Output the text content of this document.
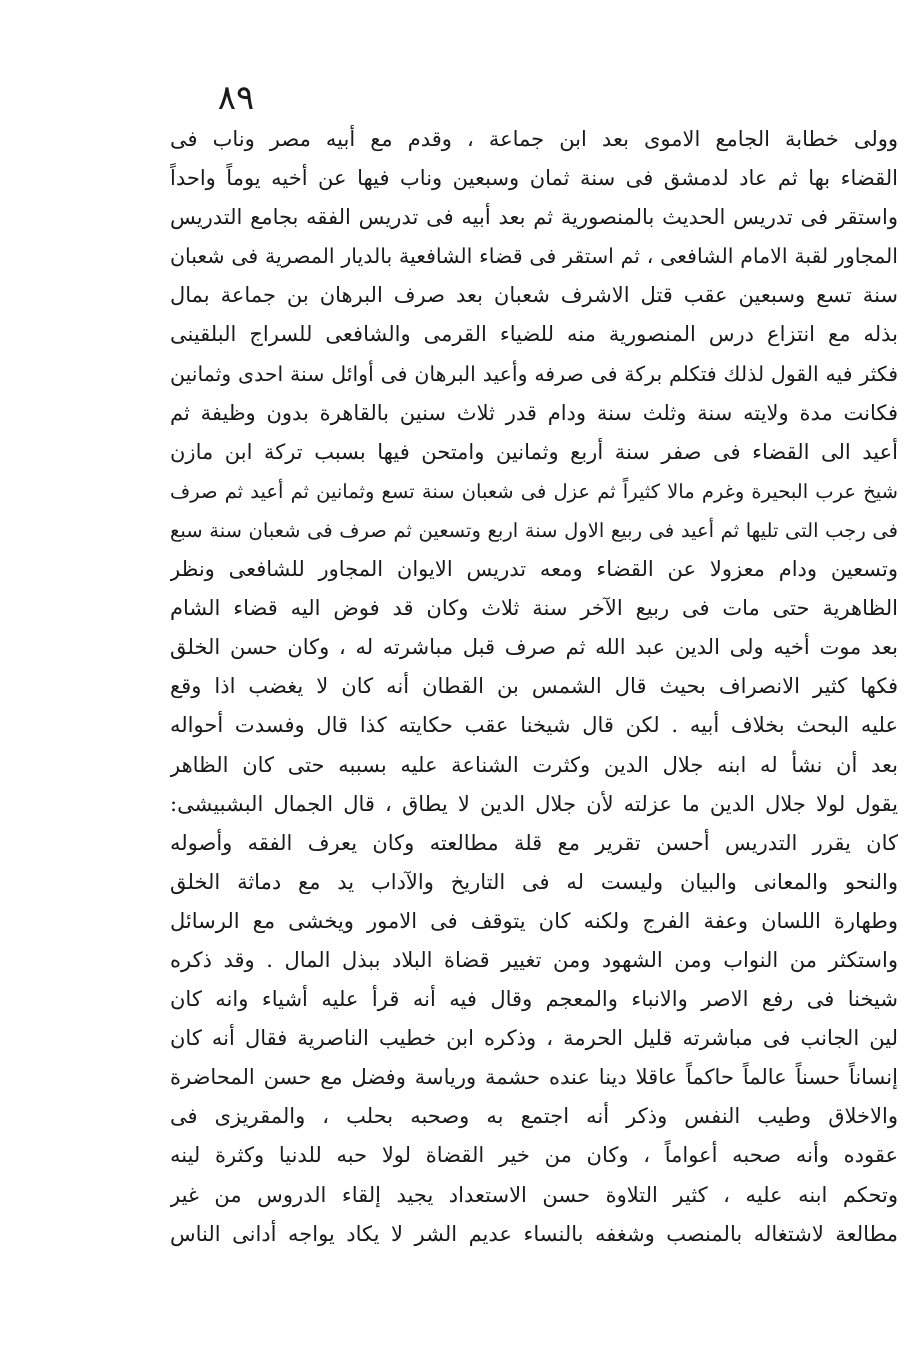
٨٩
وولى خطابة الجامع الاموى بعد ابن جماعة ، وقدم مع أبيه مصر وناب فى
القضاء بها ثم عاد لدمشق فى سنة ثمان وسبعين وناب فيها عن أخيه يوماً واحداً
واستقر فى تدريس الحديث بالمنصورية ثم بعد أبيه فى تدريس الفقه بجامع التدريس
المجاور لقبة الامام الشافعى ، ثم استقر فى قضاء الشافعية بالديار المصرية فى شعبان
سنة تسع وسبعين عقب قتل الاشرف شعبان بعد صرف البرهان بن جماعة بمال
بذله مع انتزاع درس المنصورية منه للضياء القرمى والشافعى للسراج البلقينى
فكثر فيه القول لذلك فتكلم بركة فى صرفه وأعيد البرهان فى أوائل سنة احدى وثمانين
فكانت مدة ولايته سنة وثلث سنة ودام قدر ثلاث سنين بالقاهرة بدون وظيفة ثم
أعيد الى القضاء فى صفر سنة أربع وثمانين وامتحن فيها بسبب تركة ابن مازن
شيخ عرب البحيرة وغرم مالا كثيراً ثم عزل فى شعبان سنة تسع وثمانين ثم أعيد ثم صرف
فى رجب التى تليها ثم أعيد فى ربيع الاول سنة اربع وتسعين ثم صرف فى شعبان سنة سبع
وتسعين ودام معزولا عن القضاء ومعه تدريس الايوان المجاور للشافعى ونظر
الظاهرية حتى مات فى ربيع الآخر سنة ثلاث وكان قد فوض اليه قضاء الشام
بعد موت أخيه ولى الدين عبد الله ثم صرف قبل مباشرته له ، وكان حسن الخلق
فكها كثير الانصراف بحيث قال الشمس بن القطان أنه كان لا يغضب اذا وقع
عليه البحث بخلاف أبيه . لكن قال شيخنا عقب حكايته كذا قال وفسدت أحواله
بعد أن نشأ له ابنه جلال الدين وكثرت الشناعة عليه بسببه حتى كان الظاهر
يقول لولا جلال الدين ما عزلته لأن جلال الدين لا يطاق ، قال الجمال البشبيشى:
كان يقرر التدريس أحسن تقرير مع قلة مطالعته وكان يعرف الفقه وأصوله
والنحو والمعانى والبيان وليست له فى التاريخ والآداب يد مع دماثة الخلق
وطهارة اللسان وعفة الفرج ولكنه كان يتوقف فى الامور ويخشى مع الرسائل
واستكثر من النواب ومن الشهود ومن تغيير قضاة البلاد ببذل المال . وقد ذكره
شيخنا فى رفع الاصر والانباء والمعجم وقال فيه أنه قرأ عليه أشياء وانه كان
لين الجانب فى مباشرته قليل الحرمة ، وذكره ابن خطيب الناصرية فقال أنه كان
إنساناً حسناً عالماً حاكماً عاقلا دينا عنده حشمة ورياسة وفضل مع حسن المحاضرة
والاخلاق وطيب النفس وذكر أنه اجتمع به وصحبه بحلب ، والمقريزى فى
عقوده وأنه صحبه أعواماً ، وكان من خير القضاة لولا حبه للدنيا وكثرة لينه
وتحكم ابنه عليه ، كثير التلاوة حسن الاستعداد يجيد إلقاء الدروس من غير
مطالعة لاشتغاله بالمنصب وشغفه بالنساء عديم الشر لا يكاد يواجه أدانى الناس
